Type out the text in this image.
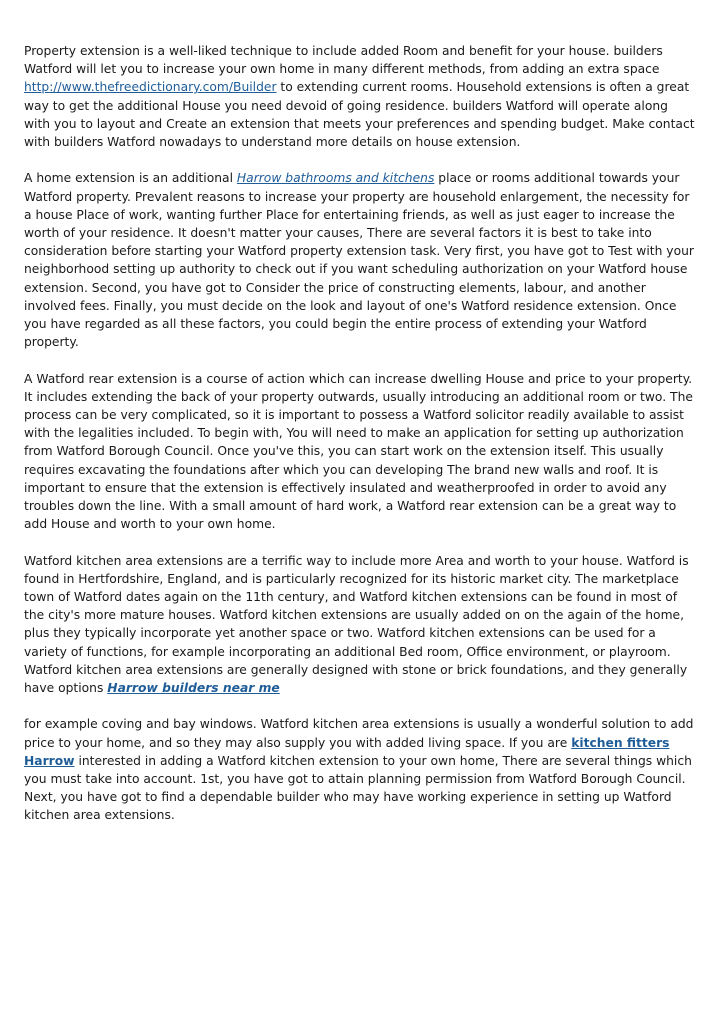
Property extension is a well-liked technique to include added Room and benefit for your house. builders Watford will let you to increase your own home in many different methods, from adding an extra space http://www.thefreedictionary.com/Builder to extending current rooms. Household extensions is often a great way to get the additional House you need devoid of going residence. builders Watford will operate along with you to layout and Create an extension that meets your preferences and spending budget. Make contact with builders Watford nowadays to understand more details on house extension.

A home extension is an additional Harrow bathrooms and kitchens place or rooms additional towards your Watford property. Prevalent reasons to increase your property are household enlargement, the necessity for a house Place of work, wanting further Place for entertaining friends, as well as just eager to increase the worth of your residence. It doesn't matter your causes, There are several factors it is best to take into consideration before starting your Watford property extension task. Very first, you have got to Test with your neighborhood setting up authority to check out if you want scheduling authorization on your Watford house extension. Second, you have got to Consider the price of constructing elements, labour, and another involved fees. Finally, you must decide on the look and layout of one's Watford residence extension. Once you have regarded as all these factors, you could begin the entire process of extending your Watford property.

A Watford rear extension is a course of action which can increase dwelling House and price to your property. It includes extending the back of your property outwards, usually introducing an additional room or two. The process can be very complicated, so it is important to possess a Watford solicitor readily available to assist with the legalities included. To begin with, You will need to make an application for setting up authorization from Watford Borough Council. Once you've this, you can start work on the extension itself. This usually requires excavating the foundations after which you can developing The brand new walls and roof. It is important to ensure that the extension is effectively insulated and weatherproofed in order to avoid any troubles down the line. With a small amount of hard work, a Watford rear extension can be a great way to add House and worth to your own home.

Watford kitchen area extensions are a terrific way to include more Area and worth to your house. Watford is found in Hertfordshire, England, and is particularly recognized for its historic market city. The marketplace town of Watford dates again on the 11th century, and Watford kitchen extensions can be found in most of the city's more mature houses. Watford kitchen extensions are usually added on on the again of the home, plus they typically incorporate yet another space or two. Watford kitchen extensions can be used for a variety of functions, for example incorporating an additional Bed room, Office environment, or playroom. Watford kitchen area extensions are generally designed with stone or brick foundations, and they generally have options Harrow builders near me

for example coving and bay windows. Watford kitchen area extensions is usually a wonderful solution to add price to your home, and so they may also supply you with added living space. If you are kitchen fitters Harrow interested in adding a Watford kitchen extension to your own home, There are several things which you must take into account. 1st, you have got to attain planning permission from Watford Borough Council. Next, you have got to find a dependable builder who may have working experience in setting up Watford kitchen area extensions.
